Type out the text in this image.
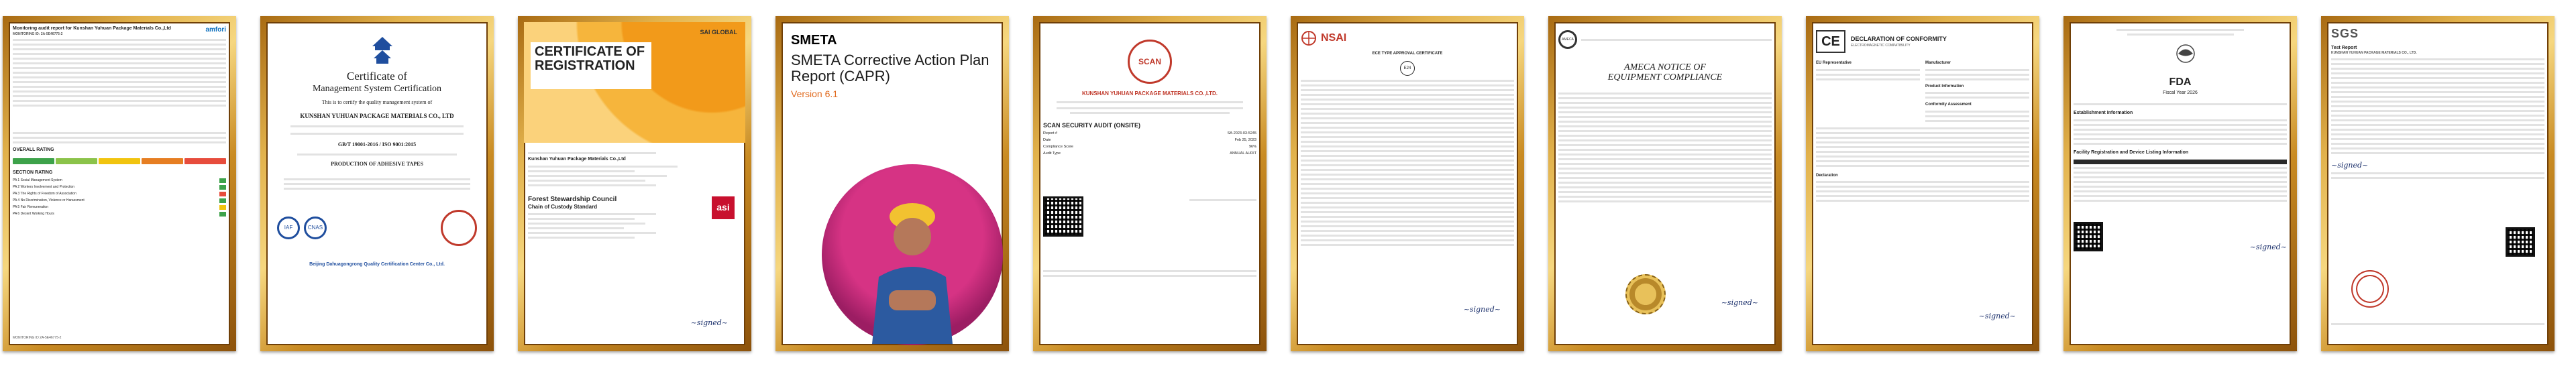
Monitoring audit report for Kunshan Yuhuan Package Materials Co.,Ltd
MONITORING ID: 2A-5E46775-2
amfori
OVERALL RATING
SECTION RATING
PA 1 Social Management System
PA 2 Workers Involvement and Protection
PA 3 The Rights of Freedom of Association
PA 4 No Discrimination, Violence or Harassment
PA 5 Fair Remuneration
PA 6 Decent Working Hours
MONITORING ID 2A-5E46775-2
Certificate of
Management System Certification
This is to certify the quality management system of
KUNSHAN YUHUAN PACKAGE MATERIALS CO., LTD
GB/T 19001-2016 / ISO 9001:2015
PRODUCTION OF ADHESIVE TAPES
IAF	CNAS
Beijing Dahuagongrong Quality Certification Center Co., Ltd.
SAI GLOBAL
CERTIFICATE OF REGISTRATION
Kunshan Yuhuan Package Materials Co.,Ltd
Forest Stewardship Council
Chain of Custody Standard	asi
~signed~
SMETA
SMETA Corrective Action Plan Report (CAPR)
Version 6.1
SCAN
KUNSHAN YUHUAN PACKAGE MATERIALS CO.,LTD.
SCAN SECURITY AUDIT (ONSITE)
Report #	SA-2023-03-5245
Date	Feb 25, 2023
Compliance Score	96%
Audit Type	ANNUAL AUDIT
NSAI
ECE TYPE APPROVAL CERTIFICATE
E24
~signed~
AMECA
AMECA NOTICE OF
EQUIPMENT COMPLIANCE
~signed~
CE	DECLARATION OF CONFORMITY
ELECTROMAGNETIC COMPATIBILITY
EU Representative	Manufacturer
Product Information
Conformity Assessment
Declaration
~signed~
FDA
Fiscal Year 2026
Establishment Information
Facility Registration and Device Listing Information
~signed~
SGS
Test Report
KUNSHAN YUHUAN PACKAGE MATERIALS CO., LTD.
~signed~
